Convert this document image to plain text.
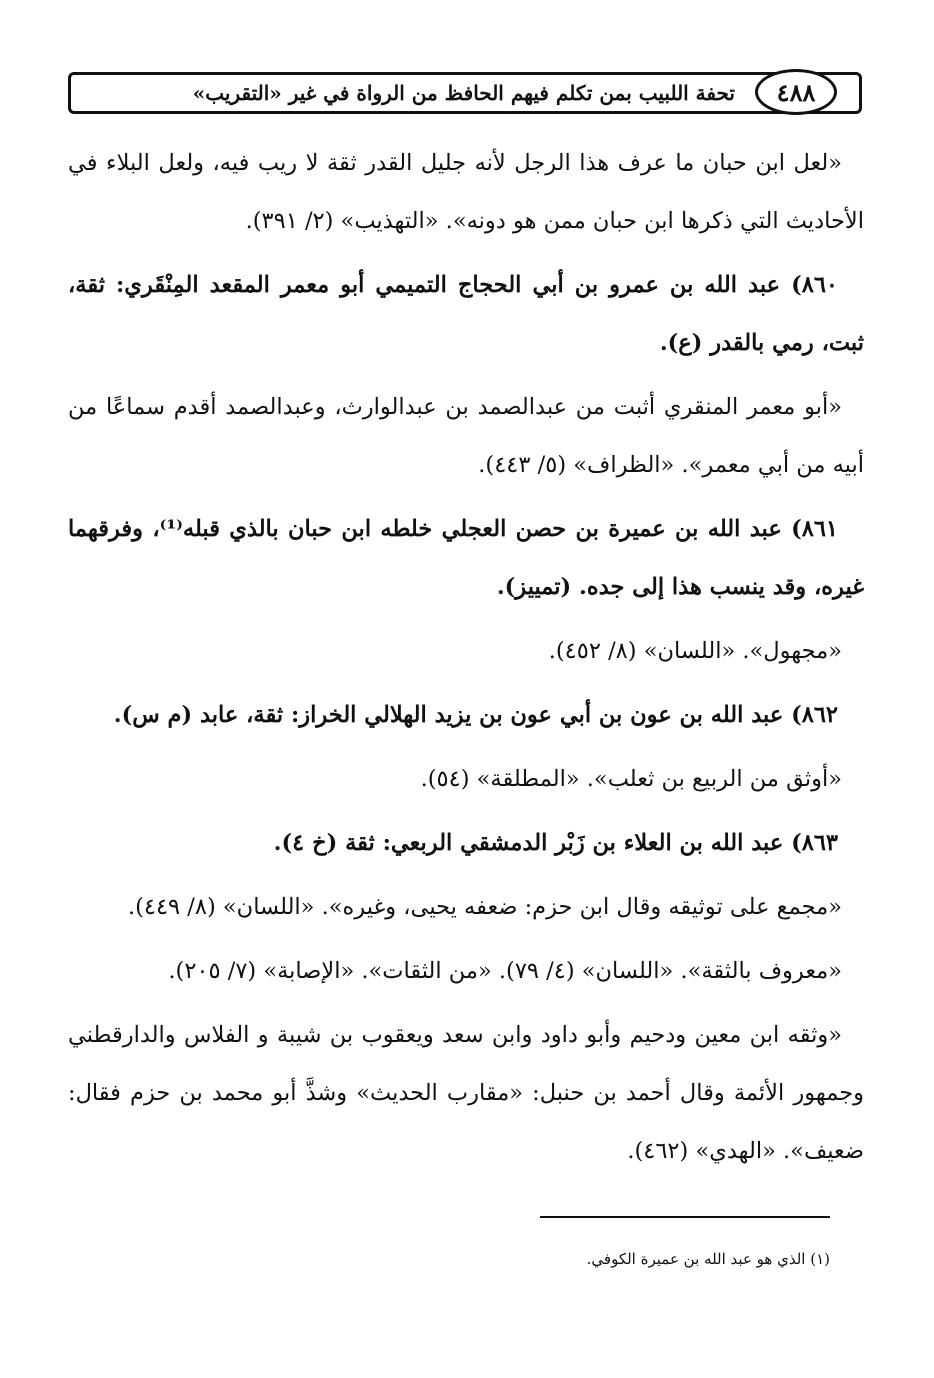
٤٨٨
تحفة اللبيب بمن تكلم فيهم الحافظ من الرواة في غير «التقريب»

«لعل ابن حبان ما عرف هذا الرجل لأنه جليل القدر ثقة لا ريب فيه، ولعل البلاء في الأحاديث التي ذكرها ابن حبان ممن هو دونه». «التهذيب» (٢/ ٣٩١).

٨٦٠) عبد الله بن عمرو بن أبي الحجاج التميمي أبو معمر المقعد المِنْقَري: ثقة، ثبت، رمي بالقدر (ع).

«أبو معمر المنقري أثبت من عبدالصمد بن عبدالوارث، وعبدالصمد أقدم سماعًا من أبيه من أبي معمر». «الظراف» (٥/ ٤٤٣).

٨٦١) عبد الله بن عميرة بن حصن العجلي خلطه ابن حبان بالذي قبله⁽¹⁾، وفرقهما غيره، وقد ينسب هذا إلى جده. (تمييز).

«مجهول». «اللسان» (٨/ ٤٥٢).

٨٦٢) عبد الله بن عون بن أبي عون بن يزيد الهلالي الخراز: ثقة، عابد (م س).

«أوثق من الربيع بن ثعلب». «المطلقة» (٥٤).

٨٦٣) عبد الله بن العلاء بن زَبْر الدمشقي الربعي: ثقة (خ ٤).

«مجمع على توثيقه وقال ابن حزم: ضعفه يحيى، وغيره». «اللسان» (٨/ ٤٤٩).

«معروف بالثقة». «اللسان» (٤/ ٧٩). «من الثقات». «الإصابة» (٧/ ٢٠٥).

«وثقه ابن معين ودحيم وأبو داود وابن سعد ويعقوب بن شيبة و الفلاس والدارقطني وجمهور الأئمة وقال أحمد بن حنبل: «مقارب الحديث» وشذَّ أبو محمد بن حزم فقال: ضعيف». «الهدي» (٤٦٢).

(١) الذي هو عبد الله بن عميرة الكوفي.
